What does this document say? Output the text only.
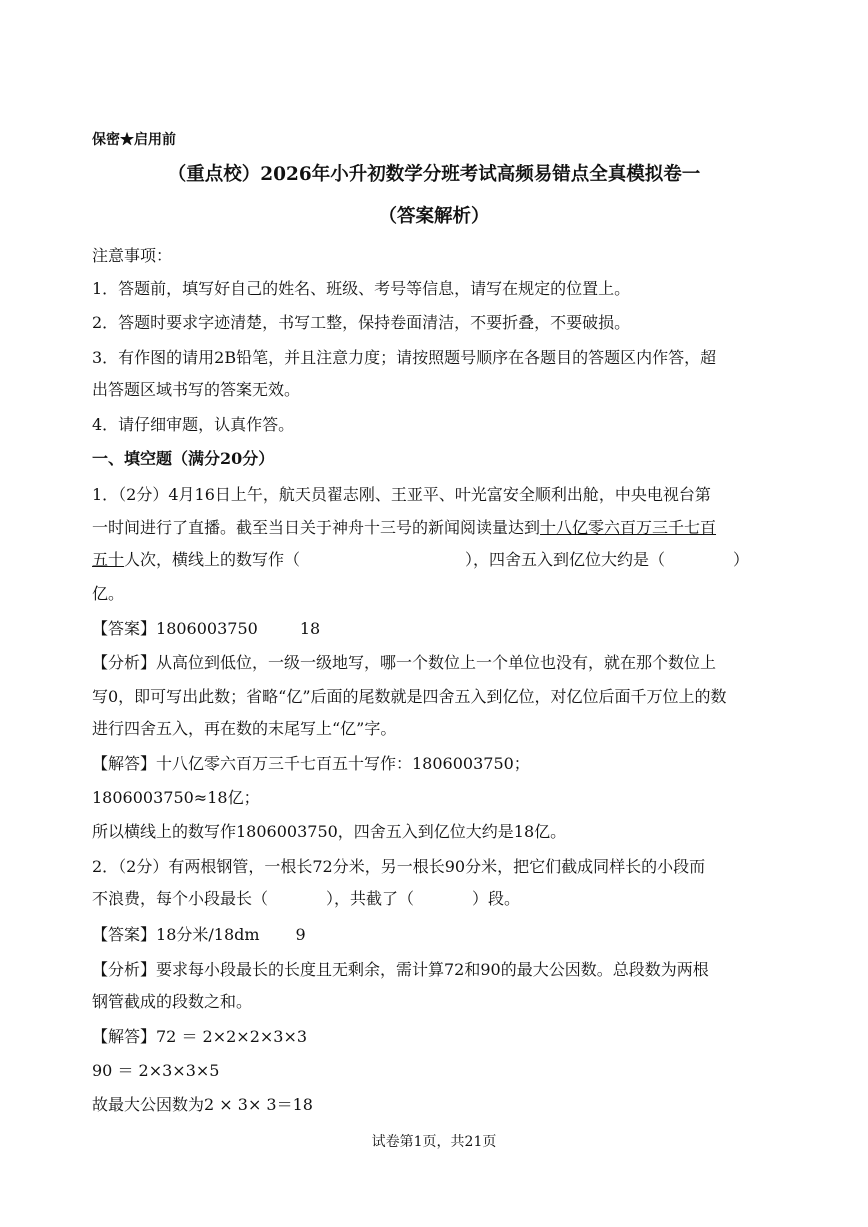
保密★启用前
（重点校）2026年小升初数学分班考试高频易错点全真模拟卷一
（答案解析）
注意事项：
1．答题前，填写好自己的姓名、班级、考号等信息，请写在规定的位置上。
2．答题时要求字迹清楚，书写工整，保持卷面清洁，不要折叠，不要破损。
3．有作图的请用2B铅笔，并且注意力度；请按照题号顺序在各题目的答题区内作答，超
出答题区域书写的答案无效。
4．请仔细审题，认真作答。
一、填空题（满分20分）
1．（2分）4月16日上午，航天员翟志刚、王亚平、叶光富安全顺利出舱，中央电视台第
一时间进行了直播。截至当日关于神舟十三号的新闻阅读量达到十八亿零六百万三千七百
五十人次，横线上的数写作（	），四舍五入到亿位大约是（	）
亿。
【答案】1806003750	18
【分析】从高位到低位，一级一级地写，哪一个数位上一个单位也没有，就在那个数位上
写0，即可写出此数；省略“亿”后面的尾数就是四舍五入到亿位，对亿位后面千万位上的数
进行四舍五入，再在数的末尾写上“亿”字。
【解答】十八亿零六百万三千七百五十写作：1806003750；
1806003750≈18亿；
所以横线上的数写作1806003750，四舍五入到亿位大约是18亿。
2．（2分）有两根钢管，一根长72分米，另一根长90分米，把它们截成同样长的小段而
不浪费，每个小段最长（	），共截了（	）段。
【答案】18分米/18dm 9
【分析】要求每小段最长的长度且无剩余，需计算72和90的最大公因数。总段数为两根
钢管截成的段数之和。
【解答】72 ＝ 2×2×2×3×3
90 ＝ 2×3×3×5
故最大公因数为2 × 3× 3＝18
试卷第1页，共21页
